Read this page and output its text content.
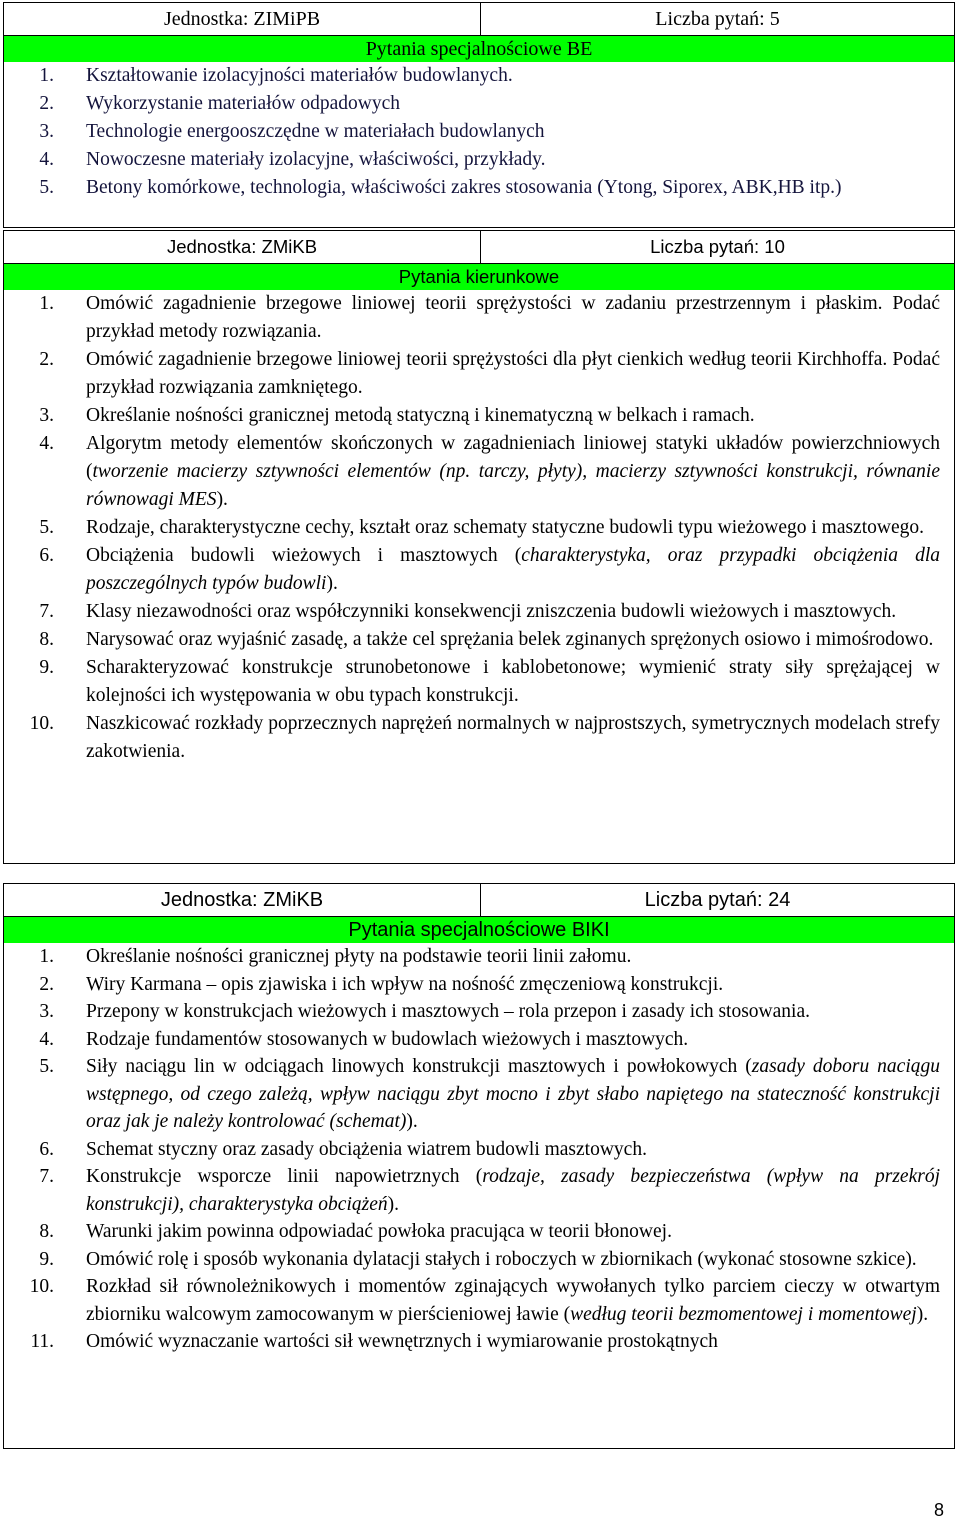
Jednostka: ZIMiPB	Liczba pytań: 5
Pytania specjalnościowe BE
1. Kształtowanie izolacyjności materiałów budowlanych.
2. Wykorzystanie materiałów odpadowych
3. Technologie energooszczędne w materiałach budowlanych
4. Nowoczesne materiały izolacyjne, właściwości, przykłady.
5. Betony komórkowe, technologia, właściwości zakres stosowania (Ytong, Siporex, ABK,HB itp.)
Jednostka: ZMiKB	Liczba pytań: 10
Pytania kierunkowe
1. Omówić zagadnienie brzegowe liniowej teorii sprężystości w zadaniu przestrzennym i płaskim. Podać przykład metody rozwiązania.
2. Omówić zagadnienie brzegowe liniowej teorii sprężystości dla płyt cienkich według teorii Kirchhoffa. Podać przykład rozwiązania zamkniętego.
3. Określanie nośności granicznej metodą statyczną i kinematyczną w belkach i ramach.
4. Algorytm metody elementów skończonych w zagadnieniach liniowej statyki układów powierzchniowych (tworzenie macierzy sztywności elementów (np. tarczy, płyty), macierzy sztywności konstrukcji, równanie równowagi MES).
5. Rodzaje, charakterystyczne cechy, kształt oraz schematy statyczne budowli typu wieżowego i masztowego.
6. Obciążenia budowli wieżowych i masztowych (charakterystyka, oraz przypadki obciążenia dla poszczególnych typów budowli).
7. Klasy niezawodności oraz współczynniki konsekwencji zniszczenia budowli wieżowych i masztowych.
8. Narysować oraz wyjaśnić zasadę, a także cel sprężania belek zginanych sprężonych osiowo i mimośrodowo.
9. Scharakteryzować konstrukcje strunobetonowe i kablobetonowe; wymienić straty siły sprężającej w kolejności ich występowania w obu typach konstrukcji.
10. Naszkicować rozkłady poprzecznych naprężeń normalnych w najprostszych, symetrycznych modelach strefy zakotwienia.
Jednostka: ZMiKB	Liczba pytań: 24
Pytania specjalnościowe BIKI
1. Określanie nośności granicznej płyty na podstawie teorii linii załomu.
2. Wiry Karmana – opis zjawiska i ich wpływ na nośność zmęczeniową konstrukcji.
3. Przepony w konstrukcjach wieżowych i masztowych – rola przepon i zasady ich stosowania.
4. Rodzaje fundamentów stosowanych w budowlach wieżowych i masztowych.
5. Siły naciągu lin w odciągach linowych konstrukcji masztowych i powłokowych (zasady doboru naciągu wstępnego, od czego zależą, wpływ naciągu zbyt mocno i zbyt słabo napiętego na stateczność konstrukcji oraz jak je należy kontrolować (schemat)).
6. Schemat styczny oraz zasady obciążenia wiatrem budowli masztowych.
7. Konstrukcje wsporcze linii napowietrznych (rodzaje, zasady bezpieczeństwa (wpływ na przekrój konstrukcji), charakterystyka obciążeń).
8. Warunki jakim powinna odpowiadać powłoka pracująca w teorii błonowej.
9. Omówić rolę i sposób wykonania dylatacji stałych i roboczych w zbiornikach (wykonać stosowne szkice).
10. Rozkład sił równoleżnikowych i momentów zginających wywołanych tylko parciem cieczy w otwartym zbiorniku walcowym zamocowanym w pierścieniowej ławie (według teorii bezmomentowej i momentowej).
11. Omówić wyznaczanie wartości sił wewnętrznych i wymiarowanie prostokątnych
8
